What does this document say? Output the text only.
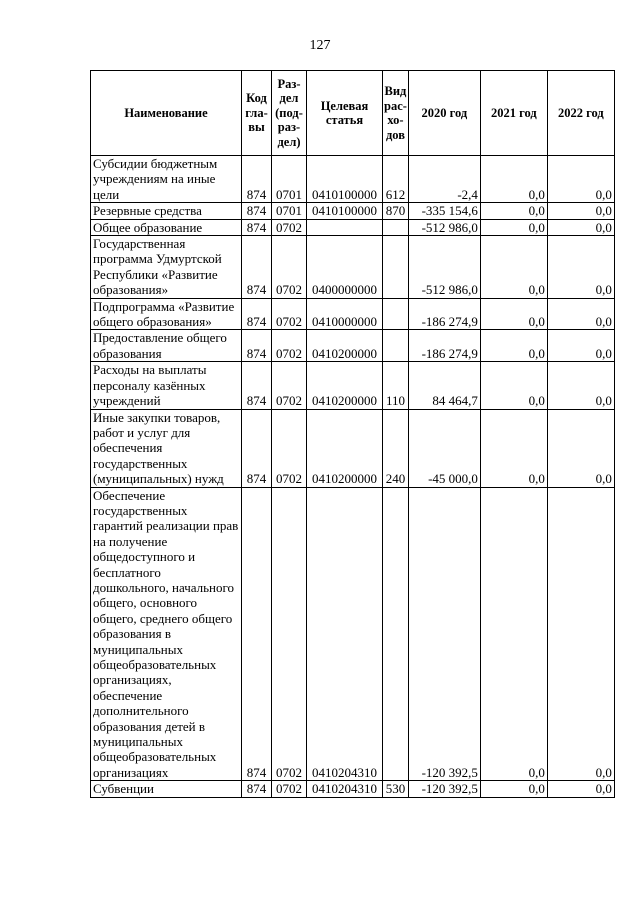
127
Наименование	Код гла-вы	Раз-дел (под-раз-дел)	Целевая статья	Вид рас-хо-дов	2020 год	2021 год	2022 год
Субсидии бюджетным учреждениям на иные цели	874	0701	0410100000	612	-2,4	0,0	0,0
Резервные средства	874	0701	0410100000	870	-335 154,6	0,0	0,0
Общее образование	874	0702			-512 986,0	0,0	0,0
Государственная программа Удмуртской Республики «Развитие образования»	874	0702	0400000000		-512 986,0	0,0	0,0
Подпрограмма «Развитие общего образования»	874	0702	0410000000		-186 274,9	0,0	0,0
Предоставление общего образования	874	0702	0410200000		-186 274,9	0,0	0,0
Расходы на выплаты персоналу казённых учреждений	874	0702	0410200000	110	84 464,7	0,0	0,0
Иные закупки товаров, работ и услуг для обеспечения государственных (муниципальных) нужд	874	0702	0410200000	240	-45 000,0	0,0	0,0
Обеспечение государственных гарантий реализации прав на получение общедоступного и бесплатного дошкольного, начального общего, основного общего, среднего общего образования в муниципальных общеобразовательных организациях, обеспечение дополнительного образования детей в муниципальных общеобразовательных организациях	874	0702	0410204310		-120 392,5	0,0	0,0
Субвенции	874	0702	0410204310	530	-120 392,5	0,0	0,0
